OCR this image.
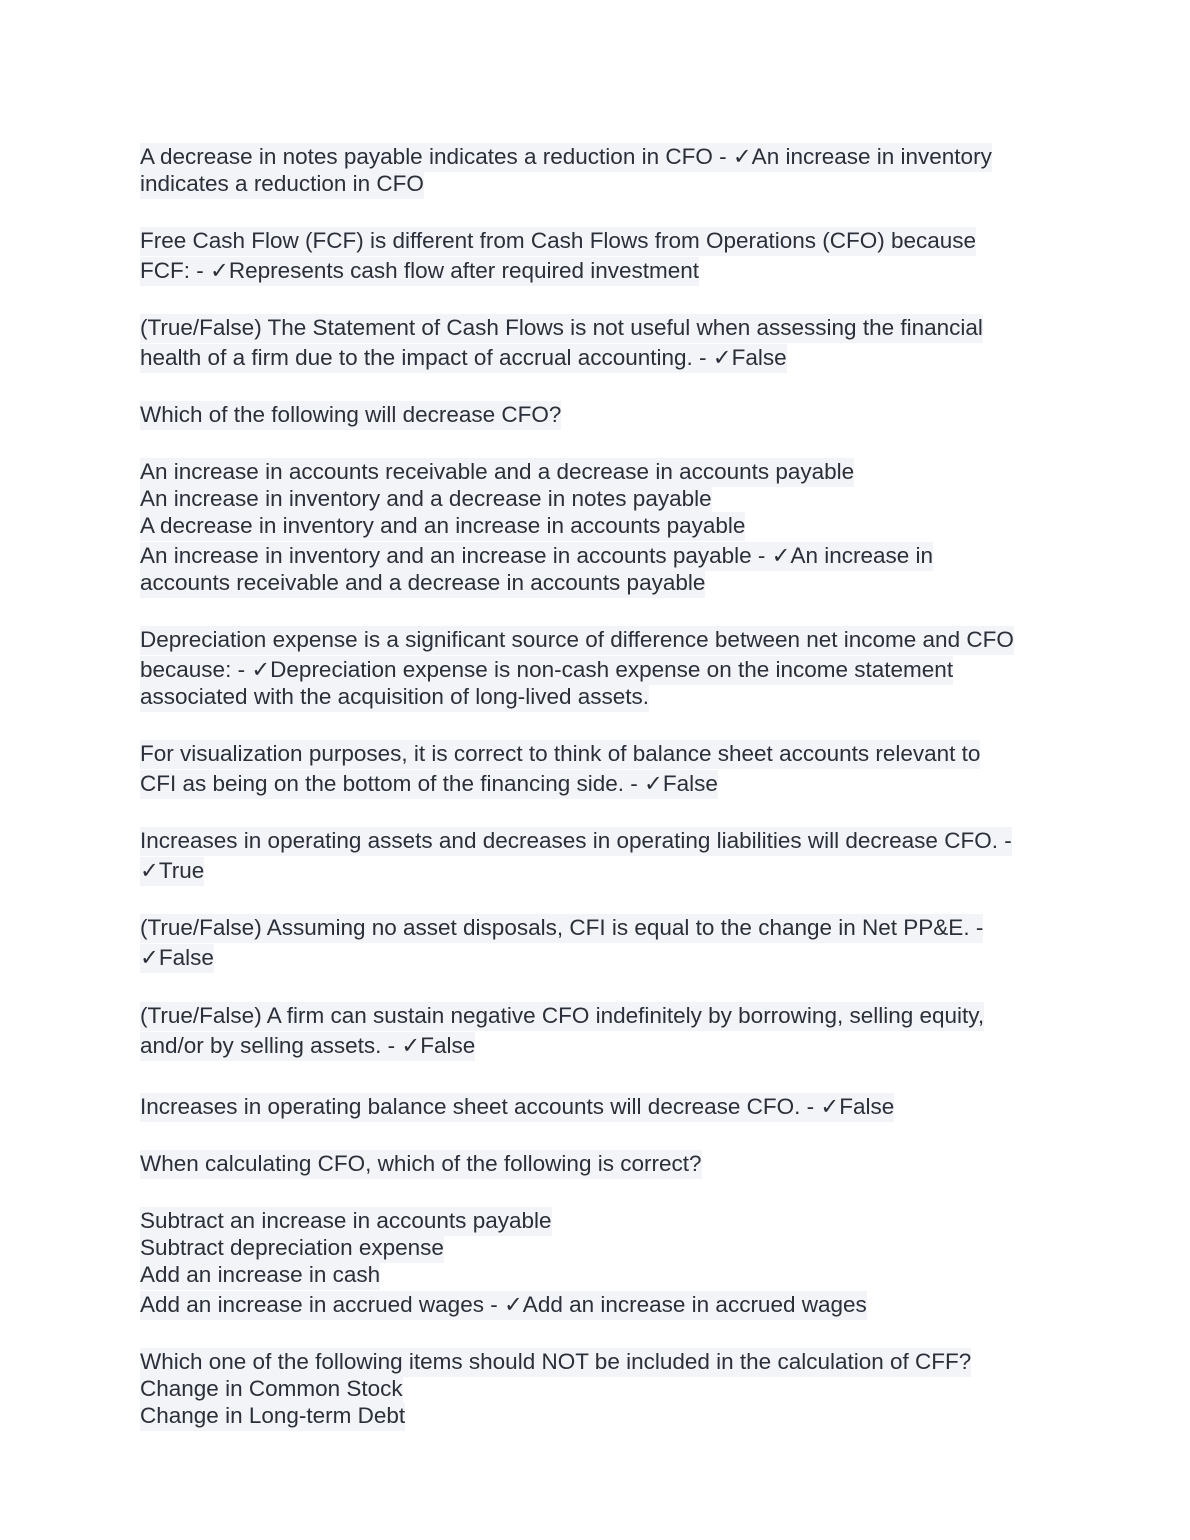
A decrease in notes payable indicates a reduction in CFO - ✓An increase in inventory
indicates a reduction in CFO
Free Cash Flow (FCF) is different from Cash Flows from Operations (CFO) because
FCF: - ✓Represents cash flow after required investment
(True/False) The Statement of Cash Flows is not useful when assessing the financial
health of a firm due to the impact of accrual accounting. - ✓False
Which of the following will decrease CFO?
An increase in accounts receivable and a decrease in accounts payable
An increase in inventory and a decrease in notes payable
A decrease in inventory and an increase in accounts payable
An increase in inventory and an increase in accounts payable - ✓An increase in
accounts receivable and a decrease in accounts payable
Depreciation expense is a significant source of difference between net income and CFO
because: - ✓Depreciation expense is non-cash expense on the income statement
associated with the acquisition of long-lived assets.
For visualization purposes, it is correct to think of balance sheet accounts relevant to
CFI as being on the bottom of the financing side. - ✓False
Increases in operating assets and decreases in operating liabilities will decrease CFO. -
✓True
(True/False) Assuming no asset disposals, CFI is equal to the change in Net PP&E. -
✓False
(True/False) A firm can sustain negative CFO indefinitely by borrowing, selling equity,
and/or by selling assets. - ✓False
Increases in operating balance sheet accounts will decrease CFO. - ✓False
When calculating CFO, which of the following is correct?
Subtract an increase in accounts payable
Subtract depreciation expense
Add an increase in cash
Add an increase in accrued wages - ✓Add an increase in accrued wages
Which one of the following items should NOT be included in the calculation of CFF?
Change in Common Stock
Change in Long-term Debt
